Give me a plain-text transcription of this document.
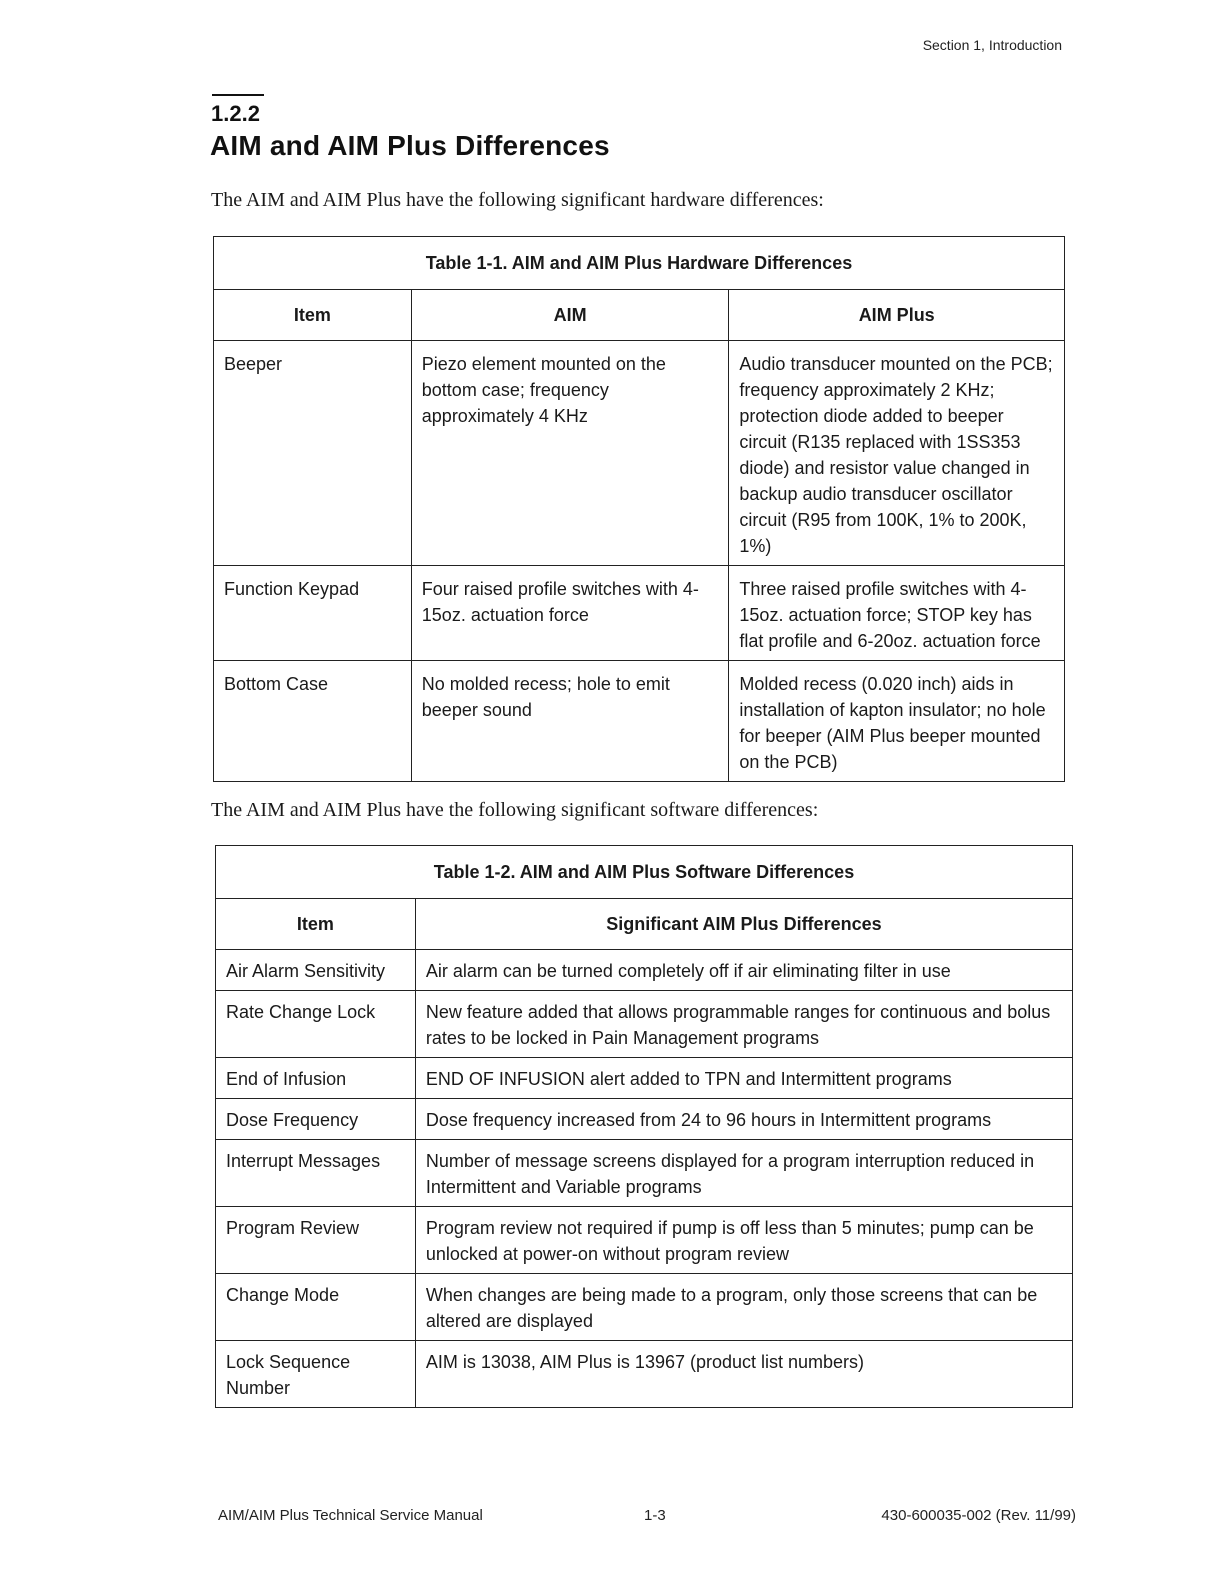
Section 1, Introduction
1.2.2
AIM and AIM Plus Differences
The AIM and AIM Plus have the following significant hardware differences:
Table 1-1. AIM and AIM Plus Hardware Differences		
Item	AIM	AIM Plus
Beeper	Piezo element mounted on the bottom case; frequency approximately 4 KHz	Audio transducer mounted on the PCB; frequency approximately 2 KHz; protection diode added to beeper circuit (R135 replaced with 1SS353 diode) and resistor value changed in backup audio transducer oscillator circuit (R95 from 100K, 1% to 200K, 1%)
Function Keypad	Four raised profile switches with 4-15oz. actuation force	Three raised profile switches with 4-15oz. actuation force; STOP key has flat profile and 6-20oz. actuation force
Bottom Case	No molded recess; hole to emit beeper sound	Molded recess (0.020 inch) aids in installation of kapton insulator; no hole for beeper (AIM Plus beeper mounted on the PCB)
The AIM and AIM Plus have the following significant software differences:
Table 1-2. AIM and AIM Plus Software Differences	
Item	Significant AIM Plus Differences
Air Alarm Sensitivity	Air alarm can be turned completely off if air eliminating filter in use
Rate Change Lock	New feature added that allows programmable ranges for continuous and bolus rates to be locked in Pain Management programs
End of Infusion	END OF INFUSION alert added to TPN and Intermittent programs
Dose Frequency	Dose frequency increased from 24 to 96 hours in Intermittent programs
Interrupt Messages	Number of message screens displayed for a program interruption reduced in Intermittent and Variable programs
Program Review	Program review not required if pump is off less than 5 minutes; pump can be unlocked at power-on without program review
Change Mode	When changes are being made to a program, only those screens that can be altered are displayed
Lock Sequence Number	AIM is 13038, AIM Plus is 13967 (product list numbers)
AIM/AIM Plus Technical Service Manual	1-3	430-600035-002 (Rev. 11/99)
